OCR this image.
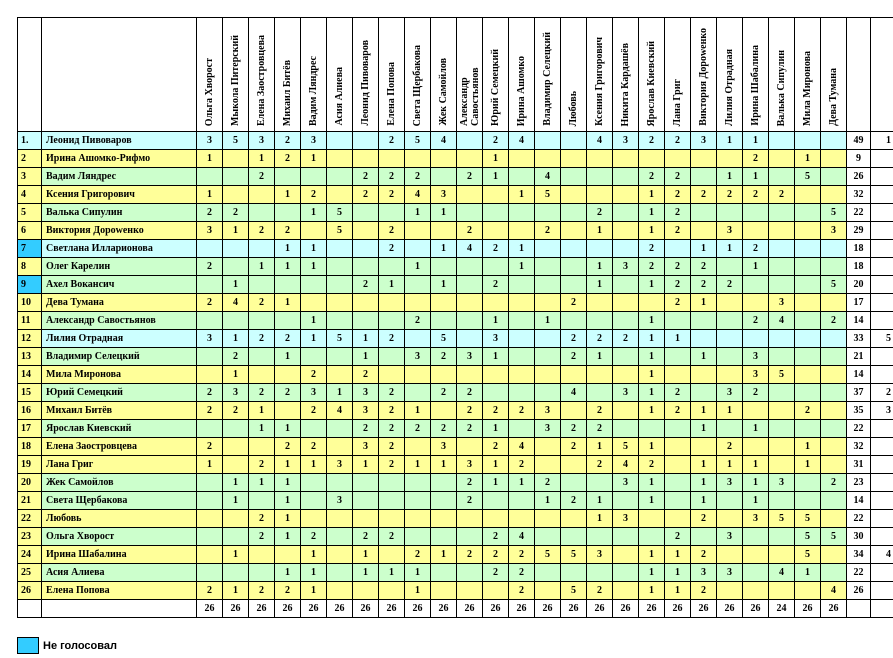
		Ольга Хворост	Мыкола Питерский	Елена Заостровцева	Михаил Битёв	Вадим Ляндрес	Асия Алиева	Леонид Пивоваров	Елена Попова	Света Щербакова	Жек Самойлов	Александр Савостьянов	Юрий Семецкий	Ирина Ашомко	Владимир Селецкий	Любовь	Ксения Григорович	Никита Кардашёв	Ярослав Киевский	Лана Григ	Виктория Дороwенко	Лилия Отрадная	Ирина Шабалина	Валька Сипулин	Мила Миронова	Дева Тумана		
1.	Леонид Пивоваров	3	5	3	2	3			2	5	4		2	4			4	3	2	2	3	1	1				49	1
2	Ирина Ашомко-Рифмо	1		1	2	1							1										2		1		9	
3	Вадим Ляндрес			2				2	2	2		2	1		4				2	2		1	1		5		26	
4	Ксения Григорович	1			1	2		2	2	4	3			1	5				1	2	2	2	2	2			32	
5	Валька Сипулин	2	2			1	5			1	1						2		1	2						5	22	
6	Виктория Дороwенко	3	1	2	2		5		2			2			2		1		1	2		3				3	29	
7	Светлана Илларионова				1	1			2		1	4	2	1					2		1	1	2				18	
8	Олег Карелин	2		1	1	1				1				1			1	3	2	2	2		1				18	
9	Ахел Вокансич		1					2	1		1		2				1		1	2	2	2				5	20	
10	Дева Тумана	2	4	2	1											2				2	1			3			17	
11	Александр Савостьянов					1				2			1		1				1				2	4		2	14	
12	Лилия Отрадная	3	1	2	2	1	5	1	2		5		3			2	2	2	1	1							33	5
13	Владимир Селецкий		2		1			1		3	2	3	1			2	1		1		1		3				21	
14	Мила Миронова		1			2		2											1				3	5			14	
15	Юрий Семецкий	2	3	2	2	3	1	3	2		2	2				4		3	1	2		3	2				37	2
16	Михаил Битёв	2	2	1		2	4	3	2	1		2	2	2	3		2		1	2	1	1			2		35	3
17	Ярослав Киевский			1	1			2	2	2	2	2	1		3	2	2				1		1				22	
18	Елена Заостровцева	2			2	2		3	2		3		2	4		2	1	5	1			2			1		32	
19	Лана Григ	1		2	1	1	3	1	2	1	1	3	1	2			2	4	2		1	1	1		1		31	
20	Жек Самойлов		1	1	1							2	1	1	2			3	1		1	3	1	3		2	23	
21	Света Щербакова		1		1		3					2			1	2	1		1		1		1				14	
22	Любовь			2	1												1	3			2		3	5	5		22	
23	Ольга Хворост			2	1	2		2	2				2	4						2		3			5	5	30	
24	Ирина Шабалина		1			1		1		2	1	2	2	2	5	5	3		1	1	2				5		34	4
25	Асия Алиева				1	1		1	1	1			2	2					1	1	3	3		4	1		22	
26	Елена Попова	2	1	2	2	1				1				2		5	2		1	1	2					4	26	
		26	26	26	26	26	26	26	26	26	26	26	26	26	26	26	26	26	26	26	26	26	26	24	26	26		
Не голосовал
